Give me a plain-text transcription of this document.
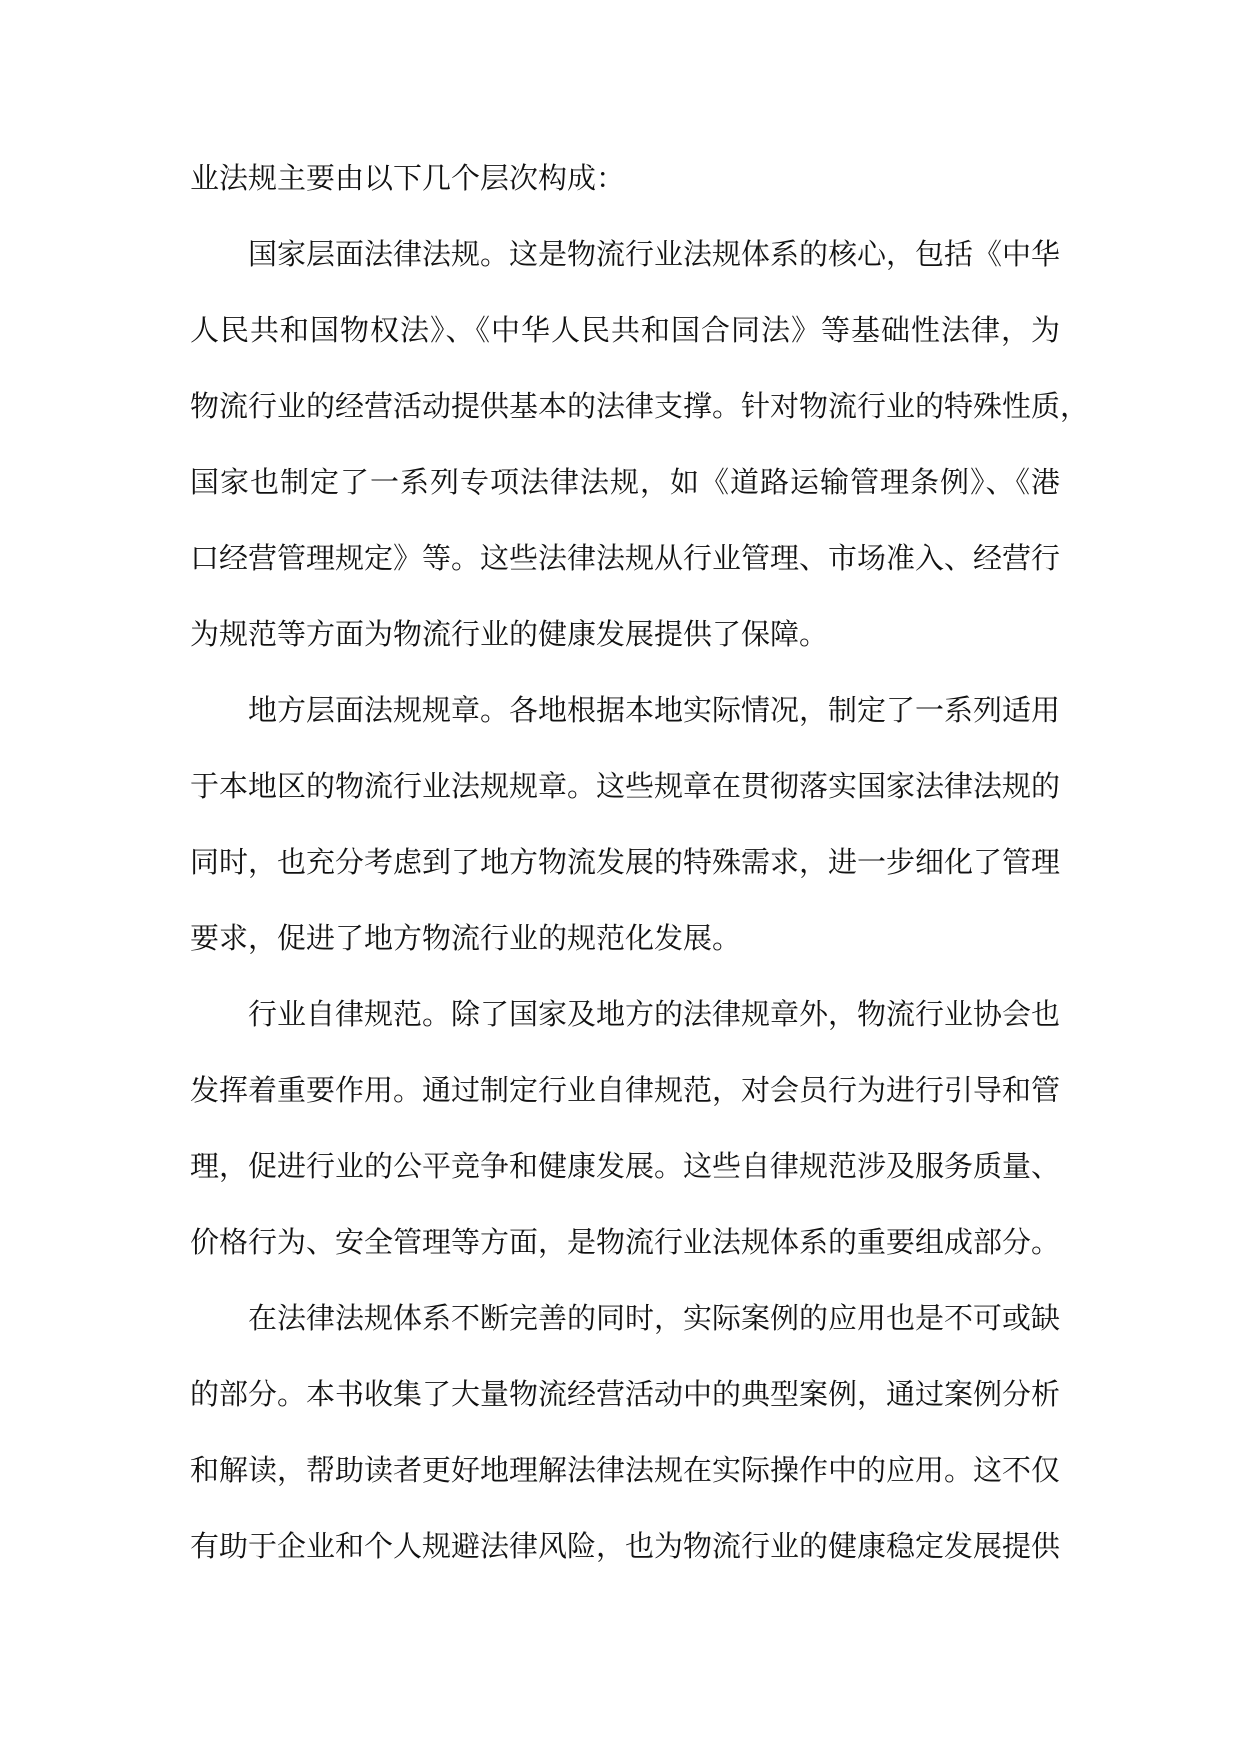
业法规主要由以下几个层次构成：
国家层面法律法规。这是物流行业法规体系的核心，包括《中华
人民共和国物权法》、《中华人民共和国合同法》等基础性法律，为
物流行业的经营活动提供基本的法律支撑。针对物流行业的特殊性质，
国家也制定了一系列专项法律法规，如《道路运输管理条例》、《港
口经营管理规定》等。这些法律法规从行业管理、市场准入、经营行
为规范等方面为物流行业的健康发展提供了保障。
地方层面法规规章。各地根据本地实际情况，制定了一系列适用
于本地区的物流行业法规规章。这些规章在贯彻落实国家法律法规的
同时，也充分考虑到了地方物流发展的特殊需求，进一步细化了管理
要求，促进了地方物流行业的规范化发展。
行业自律规范。除了国家及地方的法律规章外，物流行业协会也
发挥着重要作用。通过制定行业自律规范，对会员行为进行引导和管
理，促进行业的公平竞争和健康发展。这些自律规范涉及服务质量、
价格行为、安全管理等方面，是物流行业法规体系的重要组成部分。
在法律法规体系不断完善的同时，实际案例的应用也是不可或缺
的部分。本书收集了大量物流经营活动中的典型案例，通过案例分析
和解读，帮助读者更好地理解法律法规在实际操作中的应用。这不仅
有助于企业和个人规避法律风险，也为物流行业的健康稳定发展提供
